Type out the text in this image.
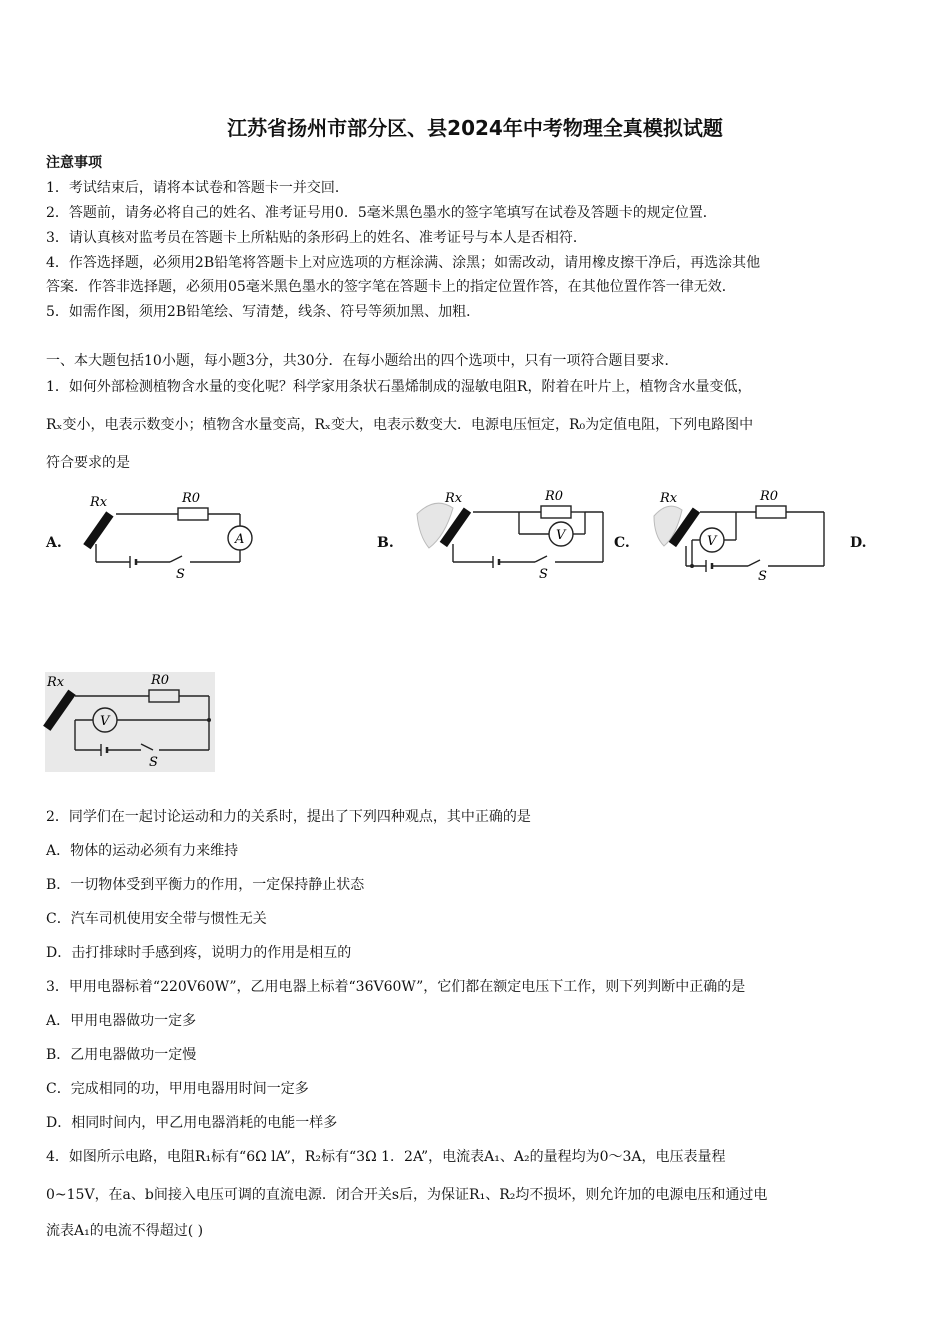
江苏省扬州市部分区、县2024年中考物理全真模拟试题
注意事项
1．考试结束后，请将本试卷和答题卡一并交回．
2．答题前，请务必将自己的姓名、准考证号用0．5毫米黑色墨水的签字笔填写在试卷及答题卡的规定位置．
3．请认真核对监考员在答题卡上所粘贴的条形码上的姓名、准考证号与本人是否相符．
4．作答选择题，必须用2B铅笔将答题卡上对应选项的方框涂满、涂黑；如需改动，请用橡皮擦干净后，再选涂其他
答案．作答非选择题，必须用05毫米黑色墨水的签字笔在答题卡上的指定位置作答，在其他位置作答一律无效．
5．如需作图，须用2B铅笔绘、写清楚，线条、符号等须加黑、加粗．
一、本大题包括10小题，每小题3分，共30分．在每小题给出的四个选项中，只有一项符合题目要求．
1．如何外部检测植物含水量的变化呢？科学家用条状石墨烯制成的湿敏电阻R，附着在叶片上，植物含水量变低，
Rₓ变小，电表示数变小；植物含水量变高，Rₓ变大，电表示数变大．电源电压恒定，R₀为定值电阻，下列电路图中
符合要求的是
A.	B.	C.	D.
Rx	R0
A
S
Rx	R0
V
S
Rx	R0
V
S
Rx	R0
V
S
2．同学们在一起讨论运动和力的关系时，提出了下列四种观点，其中正确的是
A．物体的运动必须有力来维持
B．一切物体受到平衡力的作用，一定保持静止状态
C．汽车司机使用安全带与惯性无关
D．击打排球时手感到疼，说明力的作用是相互的
3．甲用电器标着“220V60W”，乙用电器上标着“36V60W”，它们都在额定电压下工作，则下列判断中正确的是
A．甲用电器做功一定多
B．乙用电器做功一定慢
C．完成相同的功，甲用电器用时间一定多
D．相同时间内，甲乙用电器消耗的电能一样多
4．如图所示电路，电阻R₁标有“6Ω lA”，R₂标有“3Ω 1．2A”，电流表A₁、A₂的量程均为0～3A，电压表量程
0~15V，在a、b间接入电压可调的直流电源．闭合开关s后，为保证R₁、R₂均不损坏，则允许加的电源电压和通过电
流表A₁的电流不得超过( )
